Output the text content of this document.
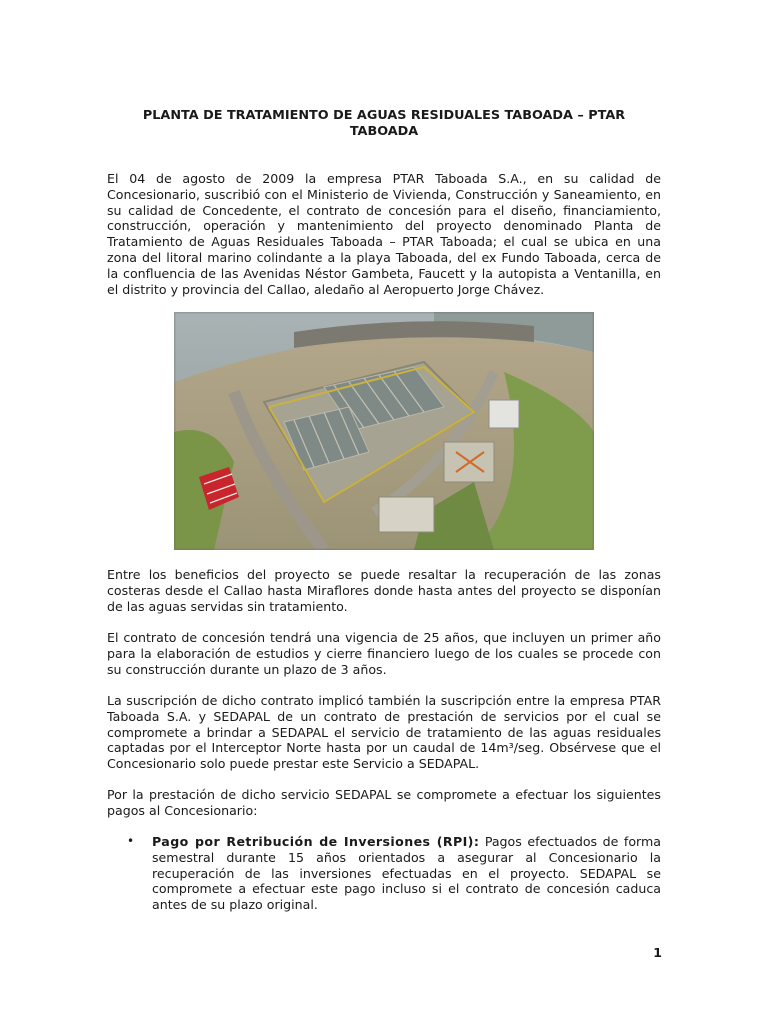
PLANTA DE TRATAMIENTO DE AGUAS RESIDUALES TABOADA – PTAR TABOADA

El 04 de agosto de 2009 la empresa PTAR Taboada S.A., en su calidad de Concesionario, suscribió con el Ministerio de Vivienda, Construcción y Saneamiento, en su calidad de Concedente, el contrato de concesión para el diseño, financiamiento, construcción, operación y mantenimiento del proyecto denominado Planta de Tratamiento de Aguas Residuales Taboada – PTAR Taboada; el cual se ubica en una zona del litoral marino colindante a la playa Taboada, del ex Fundo Taboada, cerca de la confluencia de las Avenidas Néstor Gambeta, Faucett y la autopista a Ventanilla, en el distrito y provincia del Callao, aledaño al Aeropuerto Jorge Chávez.

Entre los beneficios del proyecto se puede resaltar la recuperación de las zonas costeras desde el Callao hasta Miraflores donde hasta antes del proyecto se disponían de las aguas servidas sin tratamiento.

El contrato de concesión tendrá una vigencia de 25 años, que incluyen un primer año para la elaboración de estudios y cierre financiero luego de los cuales se procede con su construcción durante un plazo de 3 años.

La suscripción de dicho contrato implicó también la suscripción entre la empresa PTAR Taboada S.A. y SEDAPAL de un contrato de prestación de servicios por el cual se compromete a brindar a SEDAPAL el servicio de tratamiento de las aguas residuales captadas por el Interceptor Norte hasta por un caudal de 14m³/seg. Obsérvese que el Concesionario solo puede prestar este Servicio a SEDAPAL.

Por la prestación de dicho servicio SEDAPAL se compromete a efectuar los siguientes pagos al Concesionario:

• Pago por Retribución de Inversiones (RPI): Pagos efectuados de forma semestral durante 15 años orientados a asegurar al Concesionario la recuperación de las inversiones efectuadas en el proyecto. SEDAPAL se compromete a efectuar este pago incluso si el contrato de concesión caduca antes de su plazo original.
1
